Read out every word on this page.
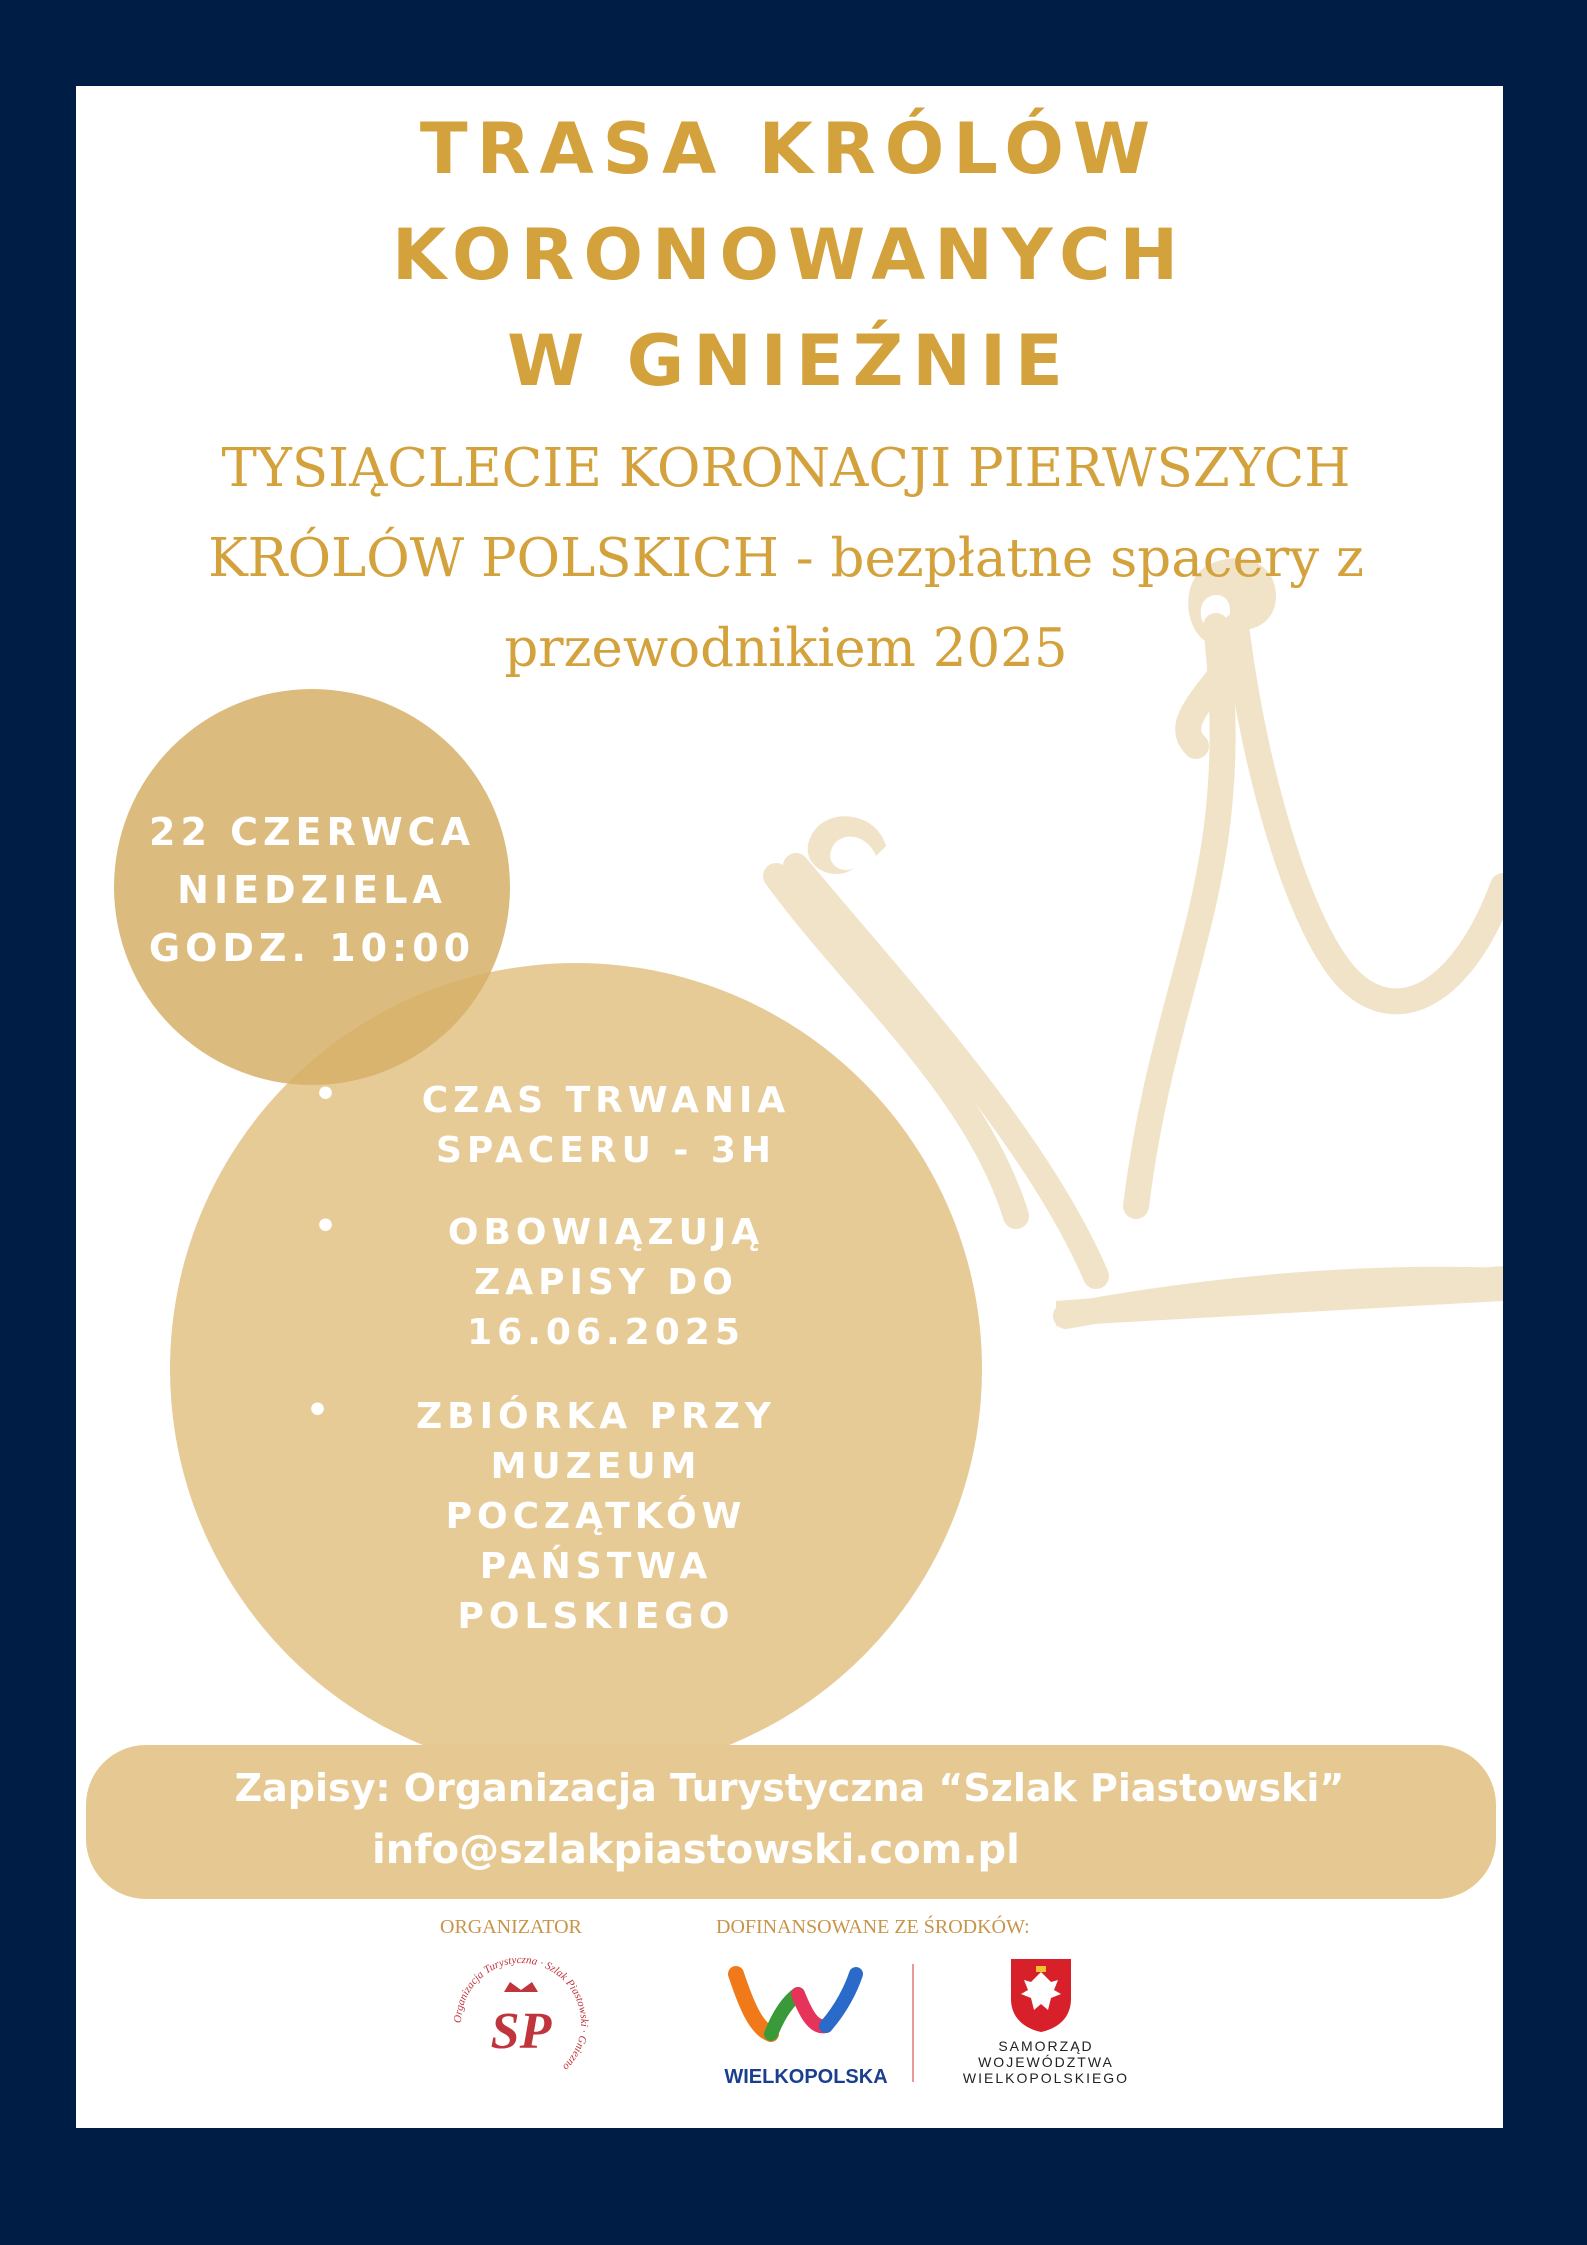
TRASA KRÓLÓW
KORONOWANYCH
W GNIEŹNIE
TYSIĄCLECIE KORONACJI PIERWSZYCH
KRÓLÓW POLSKICH - bezpłatne spacery z
przewodnikiem 2025
22 CZERWCA
NIEDZIELA
GODZ. 10:00
•	CZAS TRWANIA
SPACERU - 3H
•	OBOWIĄZUJĄ
ZAPISY DO
16.06.2025
•	ZBIÓRKA PRZY
MUZEUM
POCZĄTKÓW
PAŃSTWA
POLSKIEGO
Zapisy: Organizacja Turystyczna “Szlak Piastowski”
info@szlakpiastowski.com.pl
ORGANIZATOR	DOFINANSOWANE ZE ŚRODKÓW:
Organizacja Turystyczna · Szlak Piastowski · Gniezno
SP
WIELKOPOLSKA
SAMORZĄD
WOJEWÓDZTWA
WIELKOPOLSKIEGO
